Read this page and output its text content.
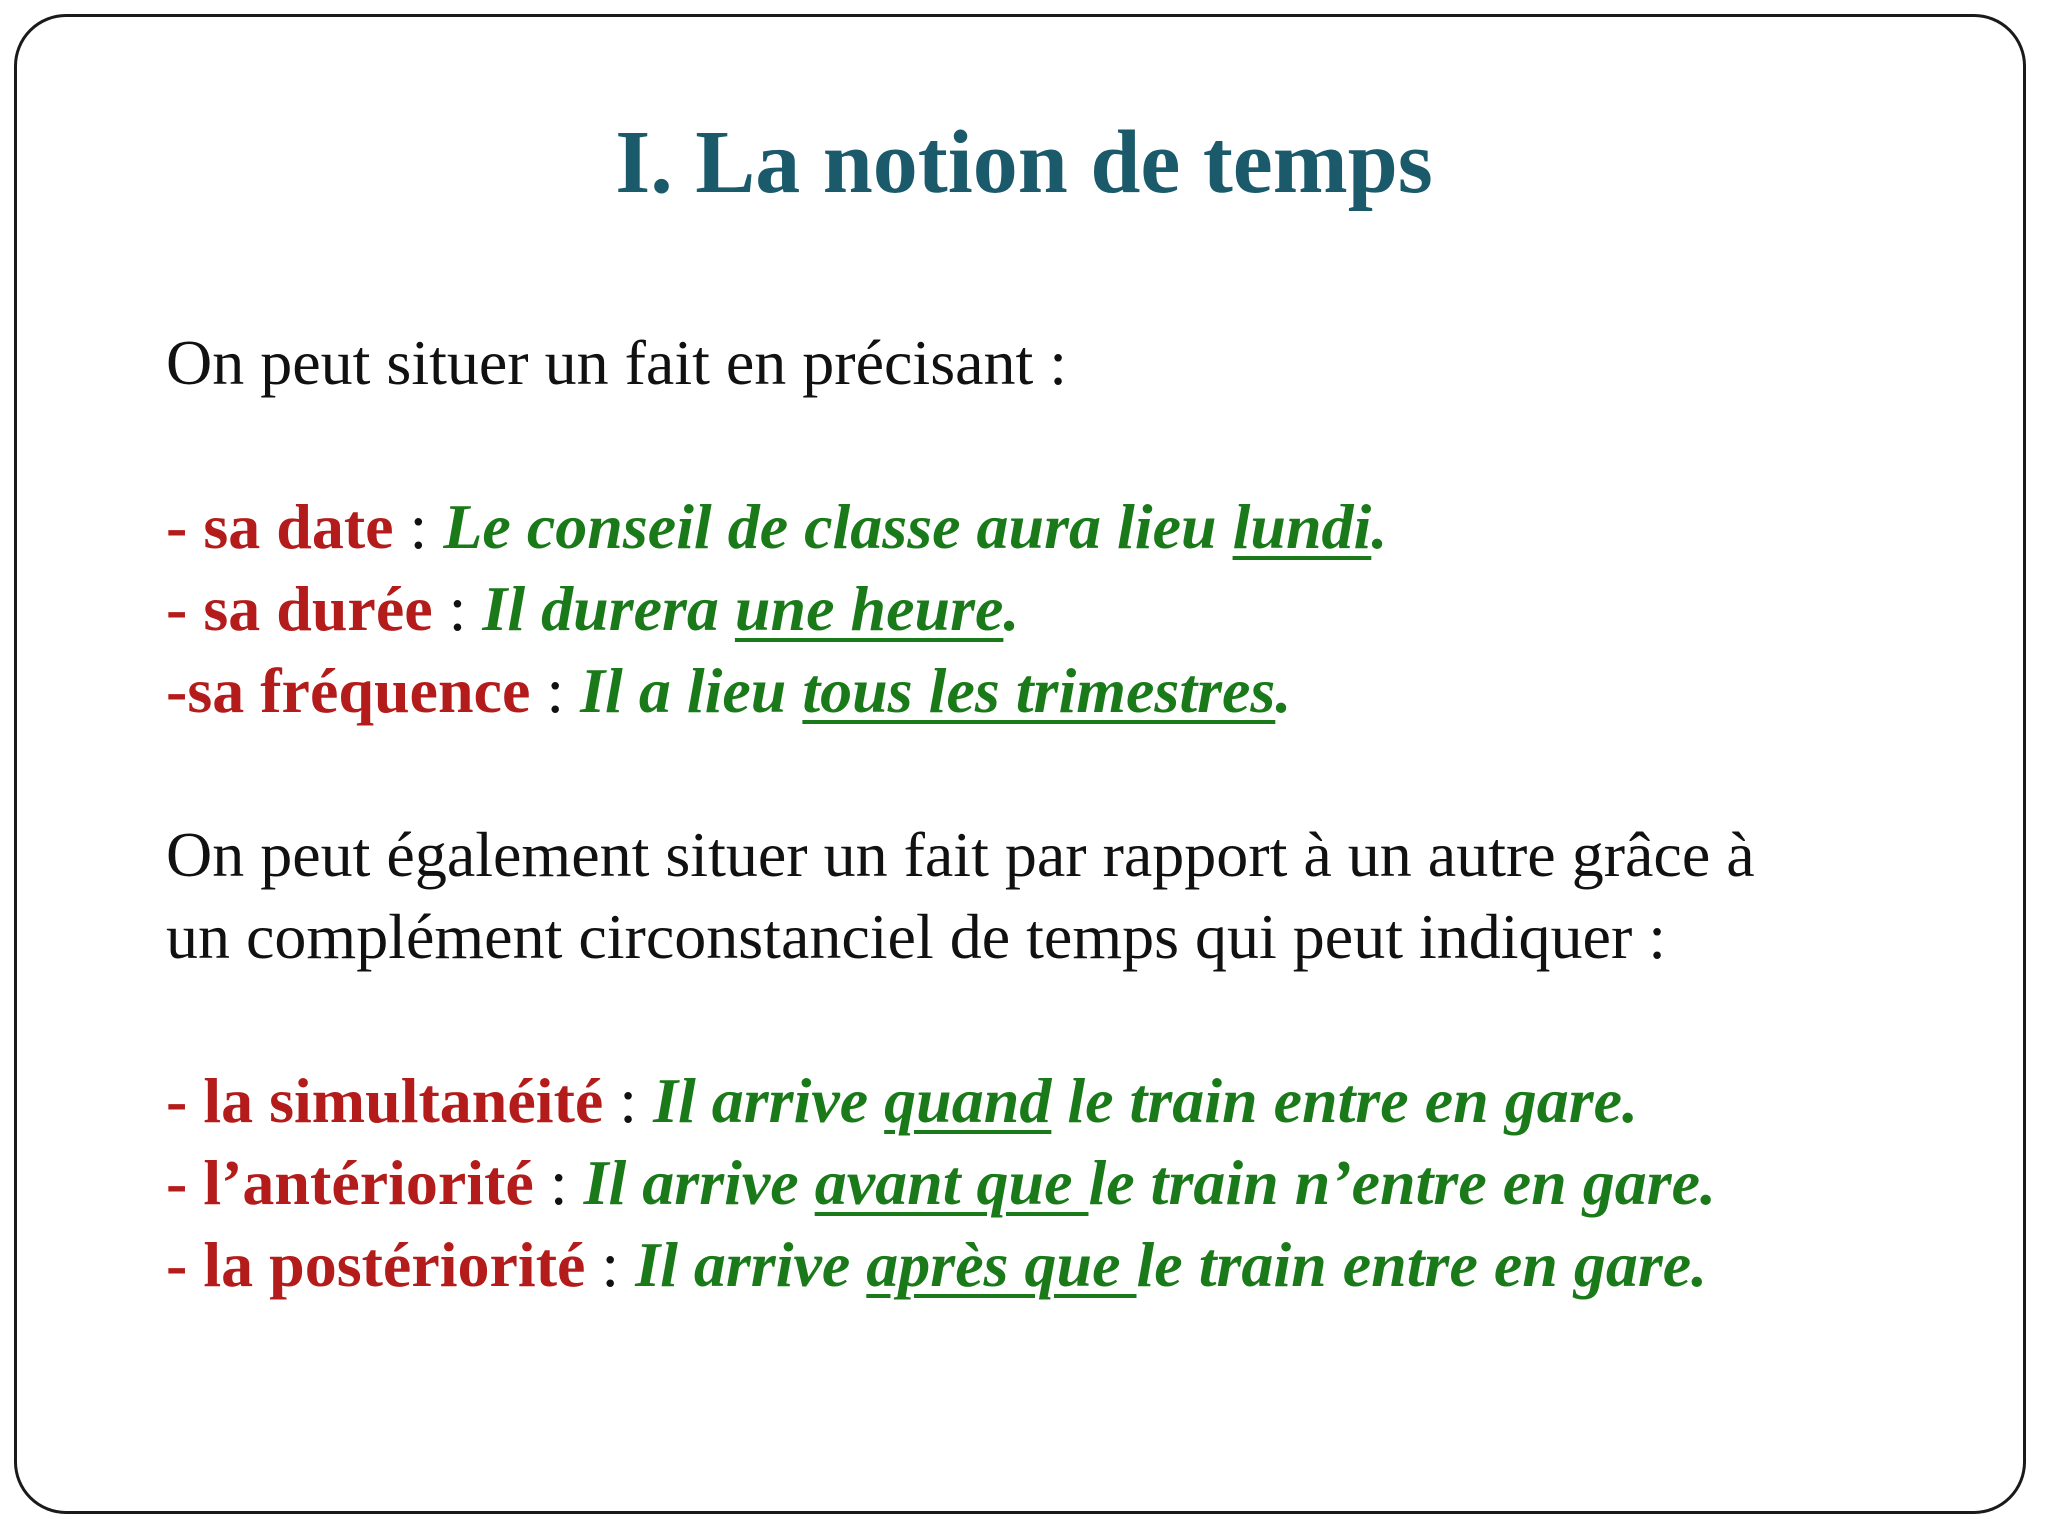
I. La notion de temps
On peut situer un fait en précisant :
- sa date : Le conseil de classe aura lieu lundi.
- sa durée : Il durera une heure.
-sa fréquence : Il a lieu tous les trimestres.
On peut également situer un fait par rapport à un autre grâce à
un complément circonstanciel de temps qui peut indiquer :
- la simultanéité : Il arrive quand le train entre en gare.
- l’antériorité : Il arrive avant que le train n’entre en gare.
- la postériorité : Il arrive après que le train entre en gare.
